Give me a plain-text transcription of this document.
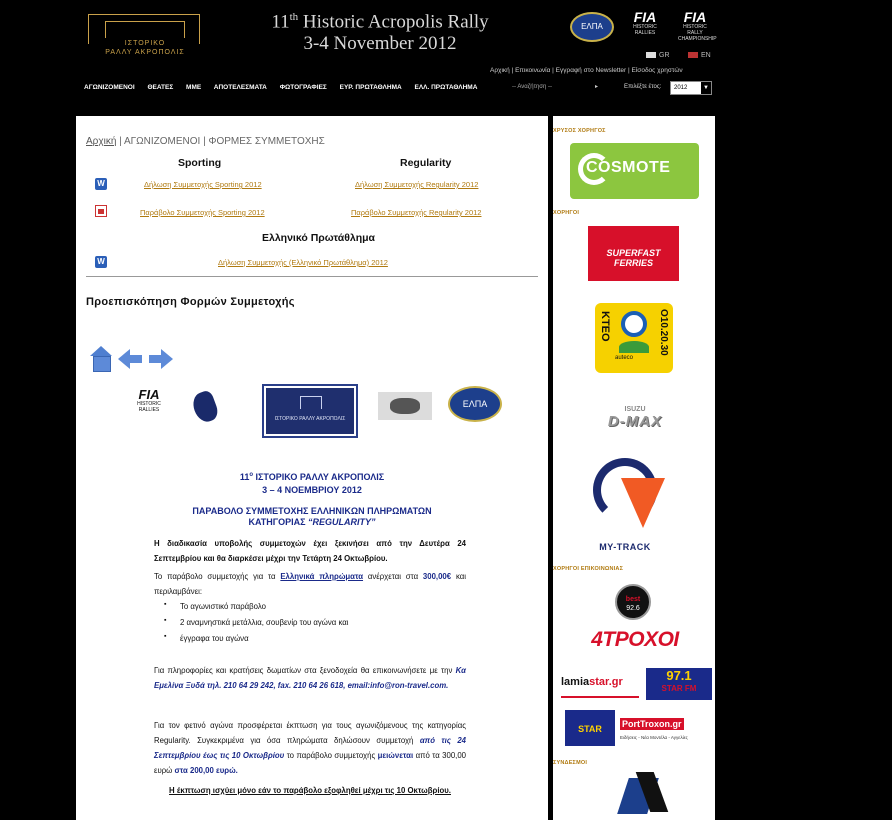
ΙΣΤΟΡΙΚΟ
ΡΑΛΛΥ ΑΚΡΟΠΟΛΙΣ
11th Historic Acropolis Rally
3-4 November 2012
ΕΛΠΑ
FIA
HISTORIC RALLIES
FIA
HISTORIC RALLY CHAMPIONSHIP
GR	EN
Αρχική | Επικοινωνία | Εγγραφή στο Newsletter | Είσοδος χρηστών
ΑΓΩΝΙΖΟΜΕΝΟΙ ΘΕΑΤΕΣ ΜΜΕ ΑΠΟΤΕΛΕΣΜΑΤΑ ΦΩΤΟΓΡΑΦΙΕΣ ΕΥΡ. ΠΡΩΤΑΘΛΗΜΑ ΕΛΛ. ΠΡΩΤΑΘΛΗΜΑ	-- Αναζήτηση --	▸	Επιλέξτε έτος:	2012	▼
Αρχική | ΑΓΩΝΙΖΟΜΕΝΟΙ | ΦΟΡΜΕΣ ΣΥΜΜΕΤΟΧΗΣ
Sporting	Regularity
W	Δήλωση Συμμετοχής Sporting 2012	Δήλωση Συμμετοχής Regularity 2012
Παράβολο Συμμετοχής Sporting 2012	Παράβολο Συμμετοχής Regularity 2012
Ελληνικό Πρωτάθλημα
W	Δήλωση Συμμετοχής (Ελληνικό Πρωτάθλημα) 2012
Προεπισκόπηση Φορμών Συμμετοχής
FIA
HISTORIC RALLIES
ΙΣΤΟΡΙΚΟ ΡΑΛΛΥ ΑΚΡΟΠΟΛΙΣ
ΕΛΠΑ
$11^o$ ΙΣΤΟΡΙΚΟ ΡΑΛΛΥ ΑΚΡΟΠΟΛΙΣ
3 – 4 ΝΟΕΜΒΡΙΟΥ 2012
ΠΑΡΑΒΟΛΟ ΣΥΜΜΕΤΟΧΗΣ ΕΛΛΗΝΙΚΩΝ ΠΛΗΡΩΜΑΤΩΝ
ΚΑΤΗΓΟΡΙΑΣ “REGULARITY”
Η διαδικασία υποβολής συμμετοχών έχει ξεκινήσει από την Δευτέρα 24 Σεπτεμβρίου και θα διαρκέσει μέχρι την Τετάρτη 24 Οκτωβρίου.
Το παράβολο συμμετοχής για τα Ελληνικά πληρώματα ανέρχεται στα 300,00€ και περιλαμβάνει:
▪ Το αγωνιστικό παράβολο
▪ 2 αναμνηστικά μετάλλια, σουβενίρ του αγώνα και
▪ έγγραφα του αγώνα
Για πληροφορίες και κρατήσεις δωματίων στα ξενοδοχεία θα επικοινωνήσετε με την Κα Εμελίνα Ξυδά τηλ. 210 64 29 242, fax. 210 64 26 618, email:info@ron-travel.com.
Για τον φετινό αγώνα προσφέρεται έκπτωση για τους αγωνιζόμενους της κατηγορίας Regularity. Συγκεκριμένα για όσα πληρώματα δηλώσουν συμμετοχή από τις 24 Σεπτεμβρίου έως τις 10 Οκτωβρίου το παράβολο συμμετοχής μειώνεται από τα 300,00 ευρώ στα 200,00 ευρώ.
Η έκπτωση ισχύει μόνο εάν το παράβολο εξοφληθεί μέχρι τις 10 Οκτωβρίου.
ΧΡΥΣΟΣ ΧΟΡΗΓΟΣ
COSMOTE
ΧΟΡΗΓΟΙ
SUPERFAST
FERRIES
ΚΤΕΟ	Ο10.20.30
auteco
ISUZU
D-MAX
MY-TRACK
ΧΟΡΗΓΟΙ ΕΠΙΚΟΙΝΩΝΙΑΣ
best
92.6
4ΤΡΟΧΟΙ
lamiastar.gr	97.1
STAR FM
STAR	PortTroxon.gr
Ειδήσεις - Νέα Μοντέλα - Αγγελίες
ΣΥΝΔΕΣΜΟΙ
